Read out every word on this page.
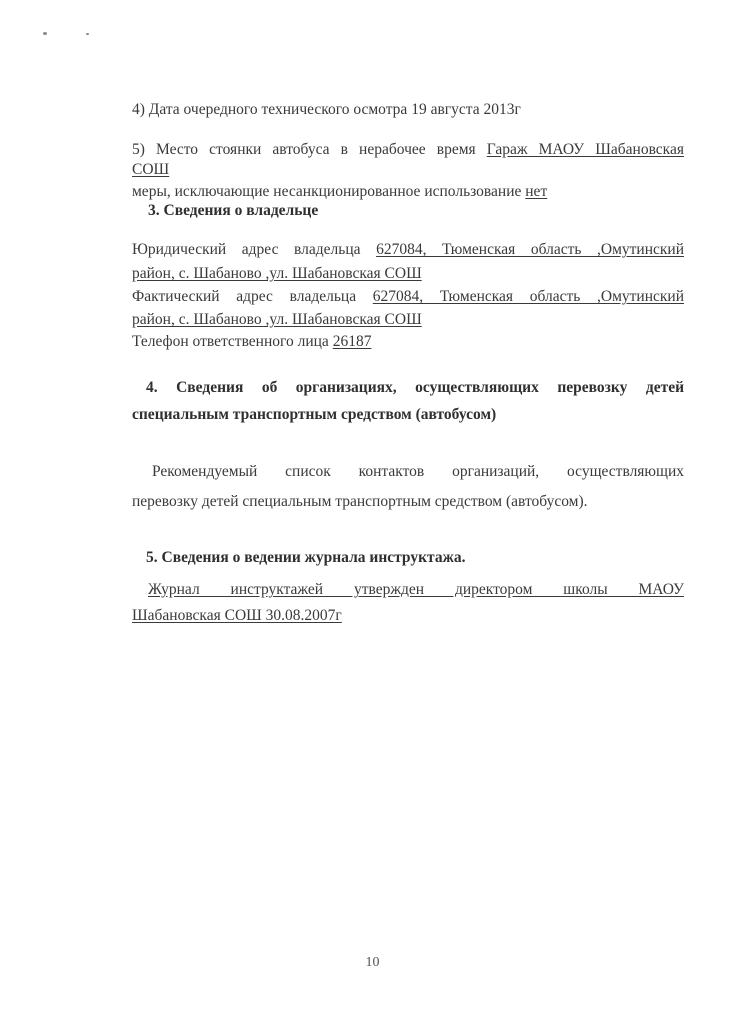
4) Дата очередного технического осмотра 19 августа 2013г
5) Место стоянки автобуса в нерабочее время Гараж МАОУ Шабановская
СОШ
меры, исключающие несанкционированное использование нет
3. Сведения о владельце
Юридический адрес владельца 627084, Тюменская область ,Омутинский
район, с. Шабаново ,ул. Шабановская СОШ
Фактический адрес владельца 627084, Тюменская область ,Омутинский
район, с. Шабаново ,ул. Шабановская СОШ
Телефон ответственного лица 26187
4. Сведения об организациях, осуществляющих перевозку детей
специальным транспортным средством (автобусом)
Рекомендуемый список контактов организаций, осуществляющих
перевозку детей специальным транспортным средством (автобусом).
5. Сведения о ведении журнала инструктажа.
Журнал инструктажей утвержден директором школы МАОУ
Шабановская СОШ 30.08.2007г
10
